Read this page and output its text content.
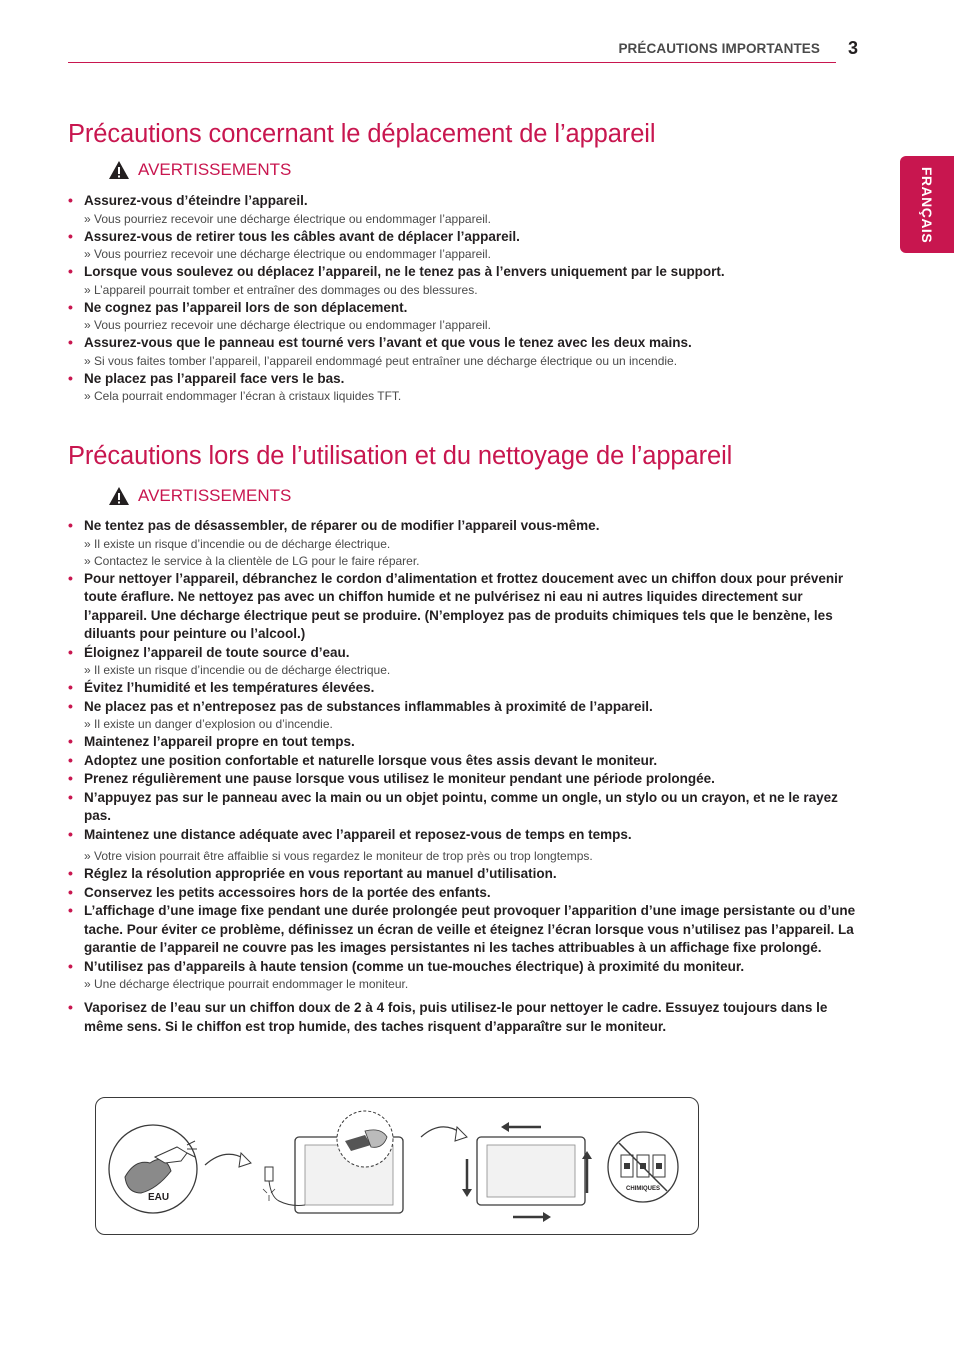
PRÉCAUTIONS IMPORTANTES 3
FRANÇAIS
Précautions concernant le déplacement de l’appareil
AVERTISSEMENTS
• Assurez-vous d’éteindre l’appareil.
» Vous pourriez recevoir une décharge électrique ou endommager l’appareil.
• Assurez-vous de retirer tous les câbles avant de déplacer l’appareil.
» Vous pourriez recevoir une décharge électrique ou endommager l’appareil.
• Lorsque vous soulevez ou déplacez l’appareil, ne le tenez pas à l’envers uniquement par le support.
» L’appareil pourrait tomber et entraîner des dommages ou des blessures.
• Ne cognez pas l’appareil lors de son déplacement.
» Vous pourriez recevoir une décharge électrique ou endommager l’appareil.
• Assurez-vous que le panneau est tourné vers l’avant et que vous le tenez avec les deux mains.
» Si vous faites tomber l’appareil, l’appareil endommagé peut entraîner une décharge électrique ou un incendie.
• Ne placez pas l’appareil face vers le bas.
» Cela pourrait endommager l’écran à cristaux liquides TFT.
Précautions lors de l’utilisation et du nettoyage de l’appareil
AVERTISSEMENTS
• Ne tentez pas de désassembler, de réparer ou de modifier l’appareil vous-même.
» Il existe un risque d’incendie ou de décharge électrique.
» Contactez le service à la clientèle de LG pour le faire réparer.
• Pour nettoyer l’appareil, débranchez le cordon d’alimentation et frottez doucement avec un chiffon doux pour prévenir toute éraflure. Ne nettoyez pas avec un chiffon humide et ne pulvérisez ni eau ni autres liquides directement sur l’appareil. Une décharge électrique peut se produire. (N’employez pas de produits chimiques tels que le benzène, les diluants pour peinture ou l’alcool.)
• Éloignez l’appareil de toute source d’eau.
» Il existe un risque d’incendie ou de décharge électrique.
• Évitez l’humidité et les températures élevées.
• Ne placez pas et n’entreposez pas de substances inflammables à proximité de l’appareil.
» Il existe un danger d’explosion ou d’incendie.
• Maintenez l’appareil propre en tout temps.
• Adoptez une position confortable et naturelle lorsque vous êtes assis devant le moniteur.
• Prenez régulièrement une pause lorsque vous utilisez le moniteur pendant une période prolongée.
• N’appuyez pas sur le panneau avec la main ou un objet pointu, comme un ongle, un stylo ou un crayon, et ne le rayez pas.
• Maintenez une distance adéquate avec l’appareil et reposez-vous de temps en temps.
» Votre vision pourrait être affaiblie si vous regardez le moniteur de trop près ou trop longtemps.
• Réglez la résolution appropriée en vous reportant au manuel d’utilisation.
• Conservez les petits accessoires hors de la portée des enfants.
• L’affichage d’une image fixe pendant une durée prolongée peut provoquer l’apparition d’une image persistante ou d’une tache. Pour éviter ce problème, définissez un écran de veille et éteignez l’écran lorsque vous n’utilisez pas l’appareil. La garantie de l’appareil ne couvre pas les images persistantes ni les taches attribuables à un affichage fixe prolongé.
• N’utilisez pas d’appareils à haute tension (comme un tue-mouches électrique) à proximité du moniteur.
» Une décharge électrique pourrait endommager le moniteur.
• Vaporisez de l’eau sur un chiffon doux de 2 à 4 fois, puis utilisez-le pour nettoyer le cadre. Essuyez toujours dans le même sens. Si le chiffon est trop humide, des taches risquent d’apparaître sur le moniteur.
EAU
CHIMIQUES
